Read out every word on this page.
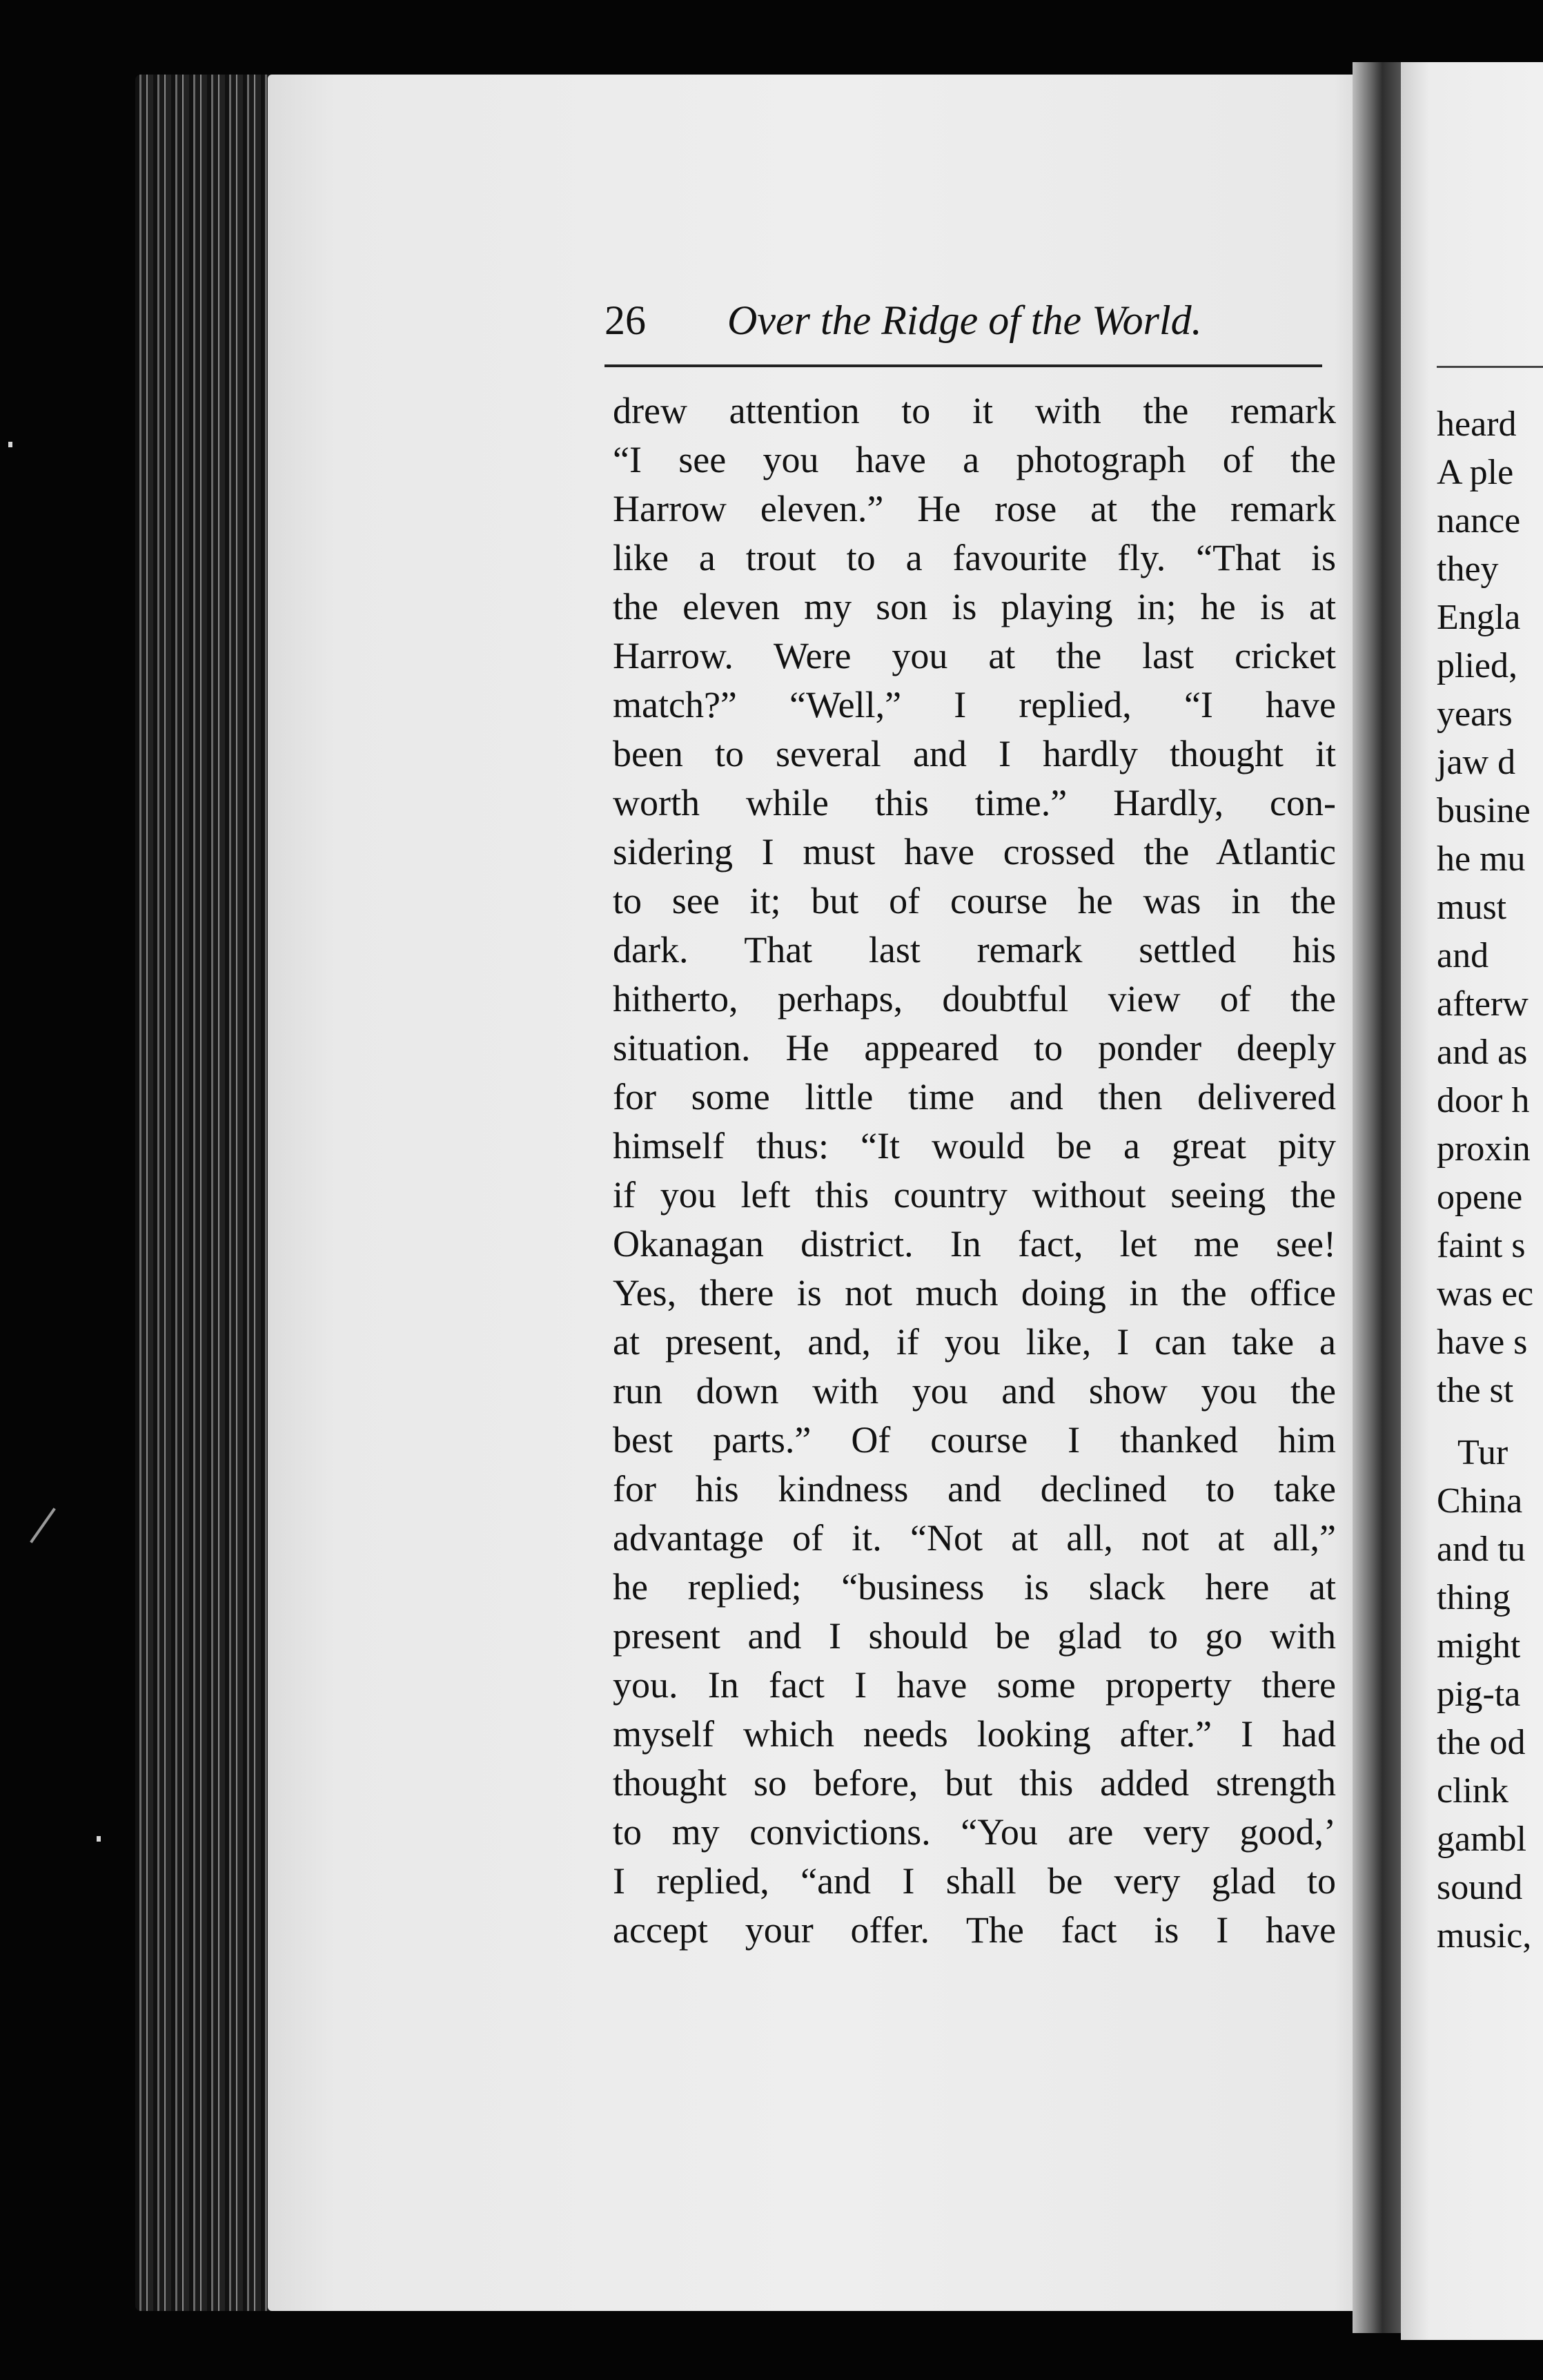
heard
A ple
nance
they
Engla
plied,
years
jaw d
busine
he mu
must
and
afterw
and as
door h
proxin
opene
faint s
was ec
have s
the st
Tur
China
and tu
thing
might
pig-ta
the od
clink
gambl
sound
music,
26 Over the Ridge of the World.
drew attention to it with the remark
“I see you have a photograph of the
Harrow eleven.” He rose at the remark
like a trout to a favourite fly. “That is
the eleven my son is playing in; he is at
Harrow. Were you at the last cricket
match?” “Well,” I replied, “I have
been to several and I hardly thought it
worth while this time.” Hardly, con-
sidering I must have crossed the Atlantic
to see it; but of course he was in the
dark. That last remark settled his
hitherto, perhaps, doubtful view of the
situation. He appeared to ponder deeply
for some little time and then delivered
himself thus: “It would be a great pity
if you left this country without seeing the
Okanagan district. In fact, let me see!
Yes, there is not much doing in the office
at present, and, if you like, I can take a
run down with you and show you the
best parts.” Of course I thanked him
for his kindness and declined to take
advantage of it. “Not at all, not at all,”
he replied; “business is slack here at
present and I should be glad to go with
you. In fact I have some property there
myself which needs looking after.” I had
thought so before, but this added strength
to my convictions. “You are very good,’
I replied, “and I shall be very glad to
accept your offer. The fact is I have
